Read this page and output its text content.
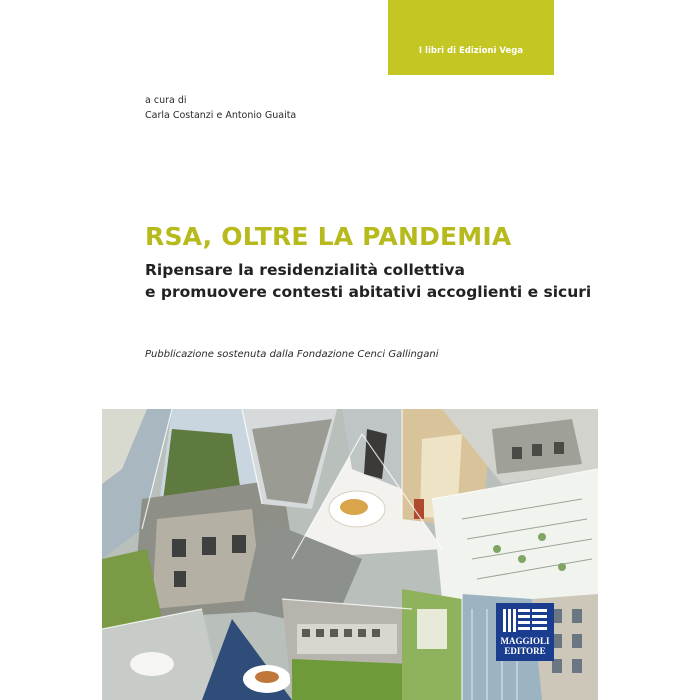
I libri di Edizioni Vega
a cura di
Carla Costanzi e Antonio Guaita
RSA, OLTRE LA PANDEMIA
Ripensare la residenzialità collettiva
e promuovere contesti abitativi accoglienti e sicuri
Pubblicazione sostenuta dalla Fondazione Cenci Gallingani
MAGGIOLI
EDITORE
